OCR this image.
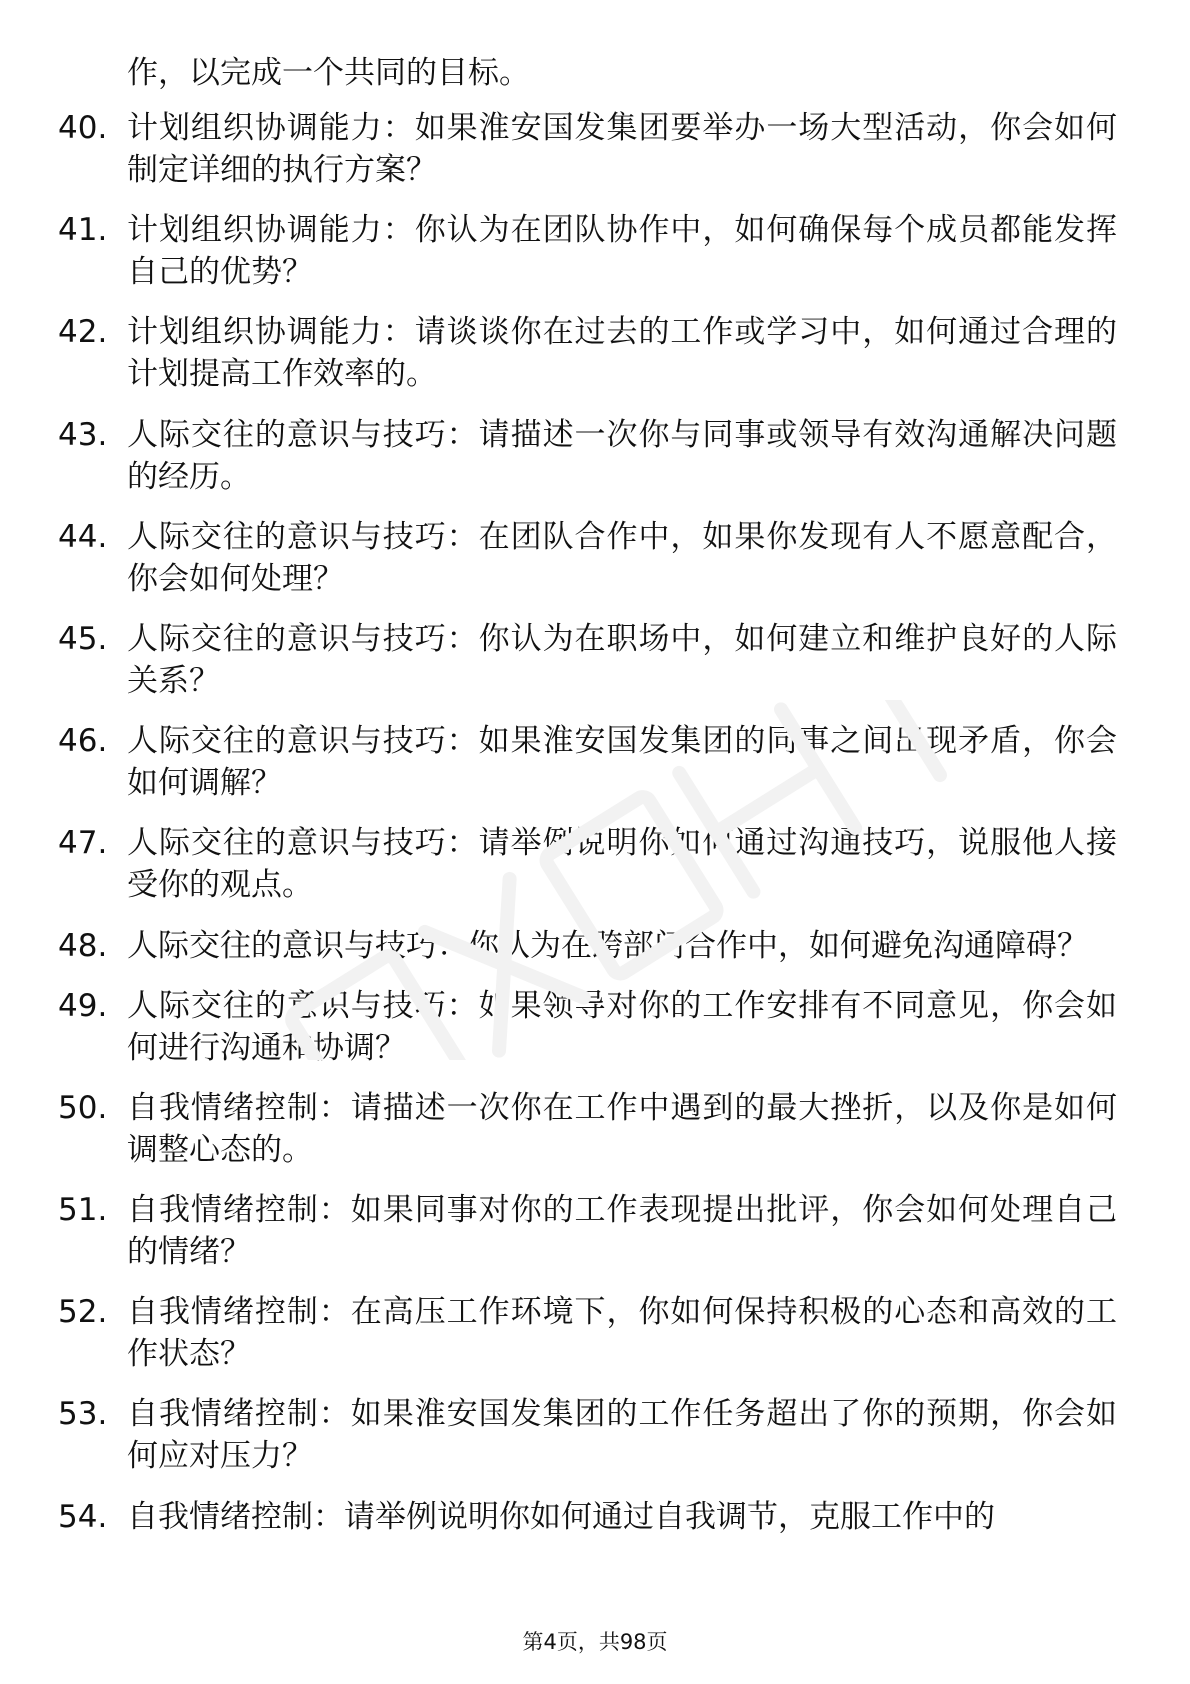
作，以完成一个共同的目标。
40. 计划组织协调能力：如果淮安国发集团要举办一场大型活动，你会如何制定详细的执行方案？
41. 计划组织协调能力：你认为在团队协作中，如何确保每个成员都能发挥自己的优势？
42. 计划组织协调能力：请谈谈你在过去的工作或学习中，如何通过合理的计划提高工作效率的。
43. 人际交往的意识与技巧：请描述一次你与同事或领导有效沟通解决问题的经历。
44. 人际交往的意识与技巧：在团队合作中，如果你发现有人不愿意配合，你会如何处理？
45. 人际交往的意识与技巧：你认为在职场中，如何建立和维护良好的人际关系？
46. 人际交往的意识与技巧：如果淮安国发集团的同事之间出现矛盾，你会如何调解？
47. 人际交往的意识与技巧：请举例说明你如何通过沟通技巧，说服他人接受你的观点。
48. 人际交往的意识与技巧：你认为在跨部门合作中，如何避免沟通障碍？
49. 人际交往的意识与技巧：如果领导对你的工作安排有不同意见，你会如何进行沟通和协调？
50. 自我情绪控制：请描述一次你在工作中遇到的最大挫折，以及你是如何调整心态的。
51. 自我情绪控制：如果同事对你的工作表现提出批评，你会如何处理自己的情绪？
52. 自我情绪控制：在高压工作环境下，你如何保持积极的心态和高效的工作状态？
53. 自我情绪控制：如果淮安国发集团的工作任务超出了你的预期，你会如何应对压力？
54. 自我情绪控制：请举例说明你如何通过自我调节，克服工作中的
第4页，共98页
